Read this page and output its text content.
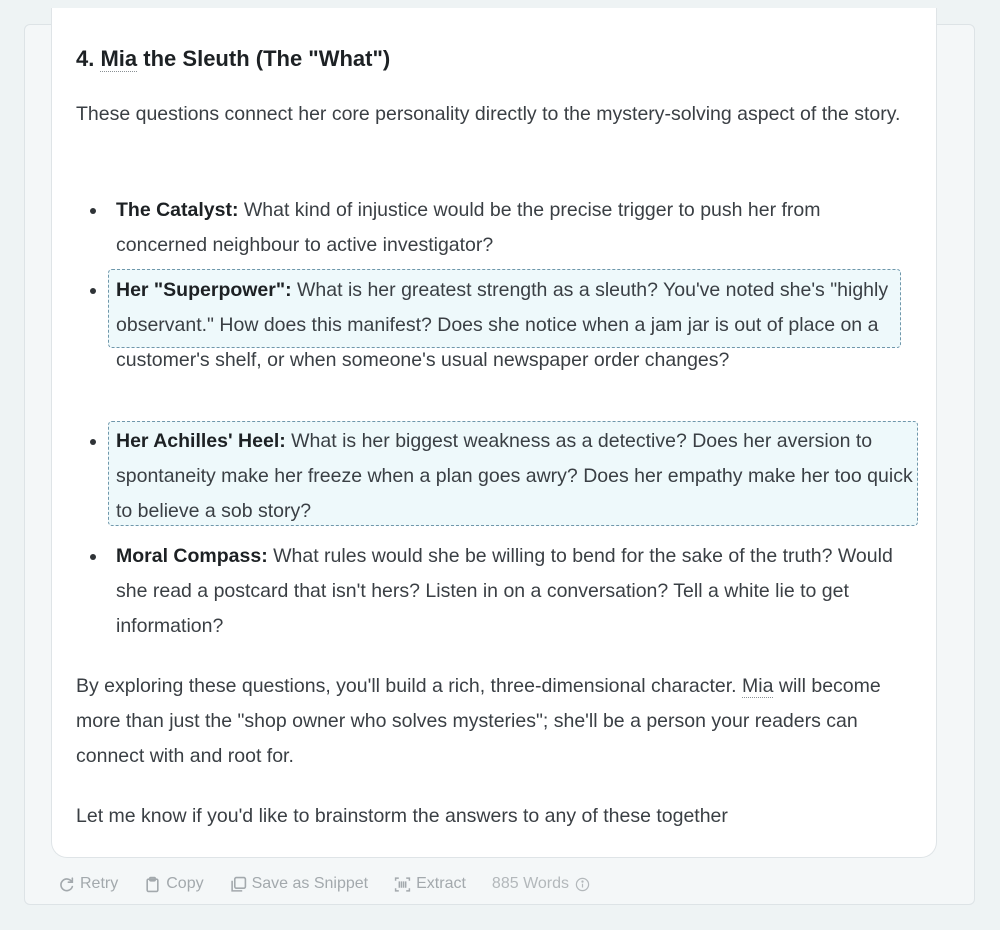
4. Mia the Sleuth (The "What")

These questions connect her core personality directly to the mystery-solving aspect of the story.

The Catalyst: What kind of injustice would be the precise trigger to push her from concerned neighbour to active investigator?
Her "Superpower": What is her greatest strength as a sleuth? You've noted she's "highly observant." How does this manifest? Does she notice when a jam jar is out of place on a customer's shelf, or when someone's usual newspaper order changes?
Her Achilles' Heel: What is her biggest weakness as a detective? Does her aversion to spontaneity make her freeze when a plan goes awry? Does her empathy make her too quick to believe a sob story?
Moral Compass: What rules would she be willing to bend for the sake of the truth? Would she read a postcard that isn't hers? Listen in on a conversation? Tell a white lie to get information?

By exploring these questions, you'll build a rich, three-dimensional character. Mia will become more than just the "shop owner who solves mysteries"; she'll be a person your readers can connect with and root for.

Let me know if you'd like to brainstorm the answers to any of these together

Retry	Copy	Save as Snippet	Extract 885 Words
